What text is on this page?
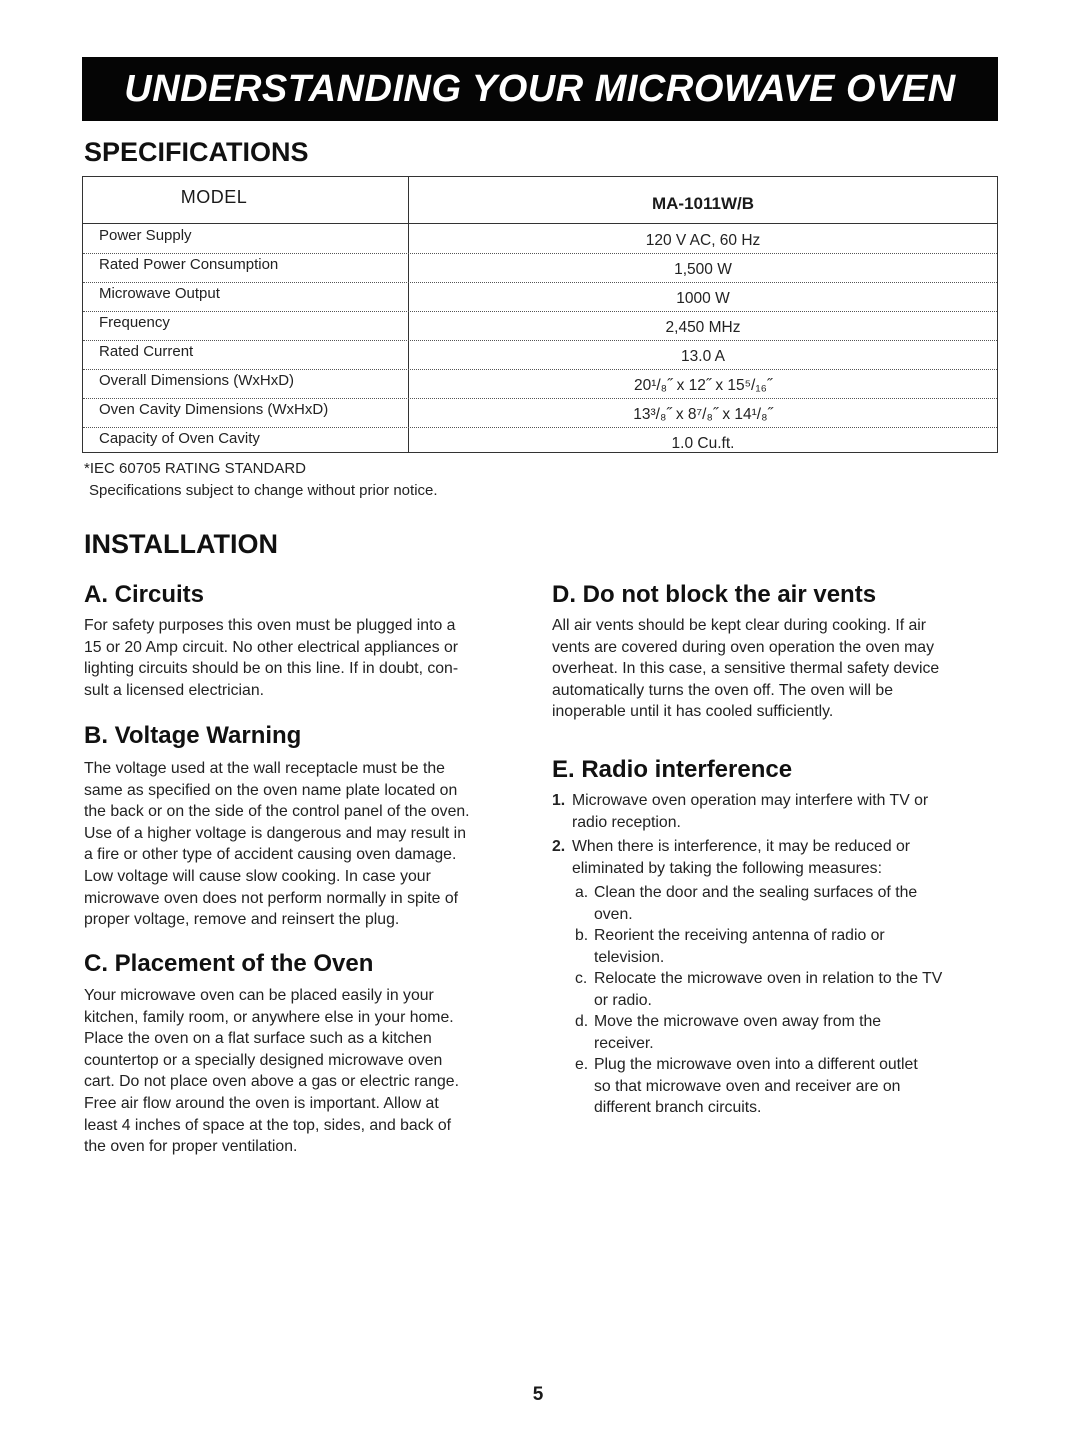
UNDERSTANDING YOUR MICROWAVE OVEN
SPECIFICATIONS
MODEL	MA-1011W/B
Power Supply	120 V AC, 60 Hz
Rated Power Consumption	1,500 W
Microwave Output	1000 W
Frequency	2,450 MHz
Rated Current	13.0 A
Overall Dimensions (WxHxD)	20¹/₈˝ x 12˝ x 15⁵/₁₆˝
Oven Cavity Dimensions (WxHxD)	13³/₈˝ x 8⁷/₈˝ x 14¹/₈˝
Capacity of Oven Cavity	1.0 Cu.ft.
*IEC 60705 RATING STANDARD
Specifications subject to change without prior notice.
INSTALLATION
A. Circuits
For safety purposes this oven must be plugged into a
15 or 20 Amp circuit. No other electrical appliances or
lighting circuits should be on this line. If in doubt, con-
sult a licensed electrician.
B. Voltage Warning
The voltage used at the wall receptacle must be the
same as specified on the oven name plate located on
the back or on the side of the control panel of the oven.
Use of a higher voltage is dangerous and may result in
a fire or other type of accident causing oven damage.
Low voltage will cause slow cooking. In case your
microwave oven does not perform normally in spite of
proper voltage, remove and reinsert the plug.
C. Placement of the Oven
Your microwave oven can be placed easily in your
kitchen, family room, or anywhere else in your home.
Place the oven on a flat surface such as a kitchen
countertop or a specially designed microwave oven
cart. Do not place oven above a gas or electric range.
Free air flow around the oven is important. Allow at
least 4 inches of space at the top, sides, and back of
the oven for proper ventilation.
D. Do not block the air vents
All air vents should be kept clear during cooking. If air
vents are covered during oven operation the oven may
overheat. In this case, a sensitive thermal safety device
automatically turns the oven off. The oven will be
inoperable until it has cooled sufficiently.
E. Radio interference
1. Microwave oven operation may interfere with TV or
radio reception.
2. When there is interference, it may be reduced or
eliminated by taking the following measures:
a. Clean the door and the sealing surfaces of the
oven.
b. Reorient the receiving antenna of radio or
television.
c. Relocate the microwave oven in relation to the TV
or radio.
d. Move the microwave oven away from the
receiver.
e. Plug the microwave oven into a different outlet
so that microwave oven and receiver are on
different branch circuits.
5
